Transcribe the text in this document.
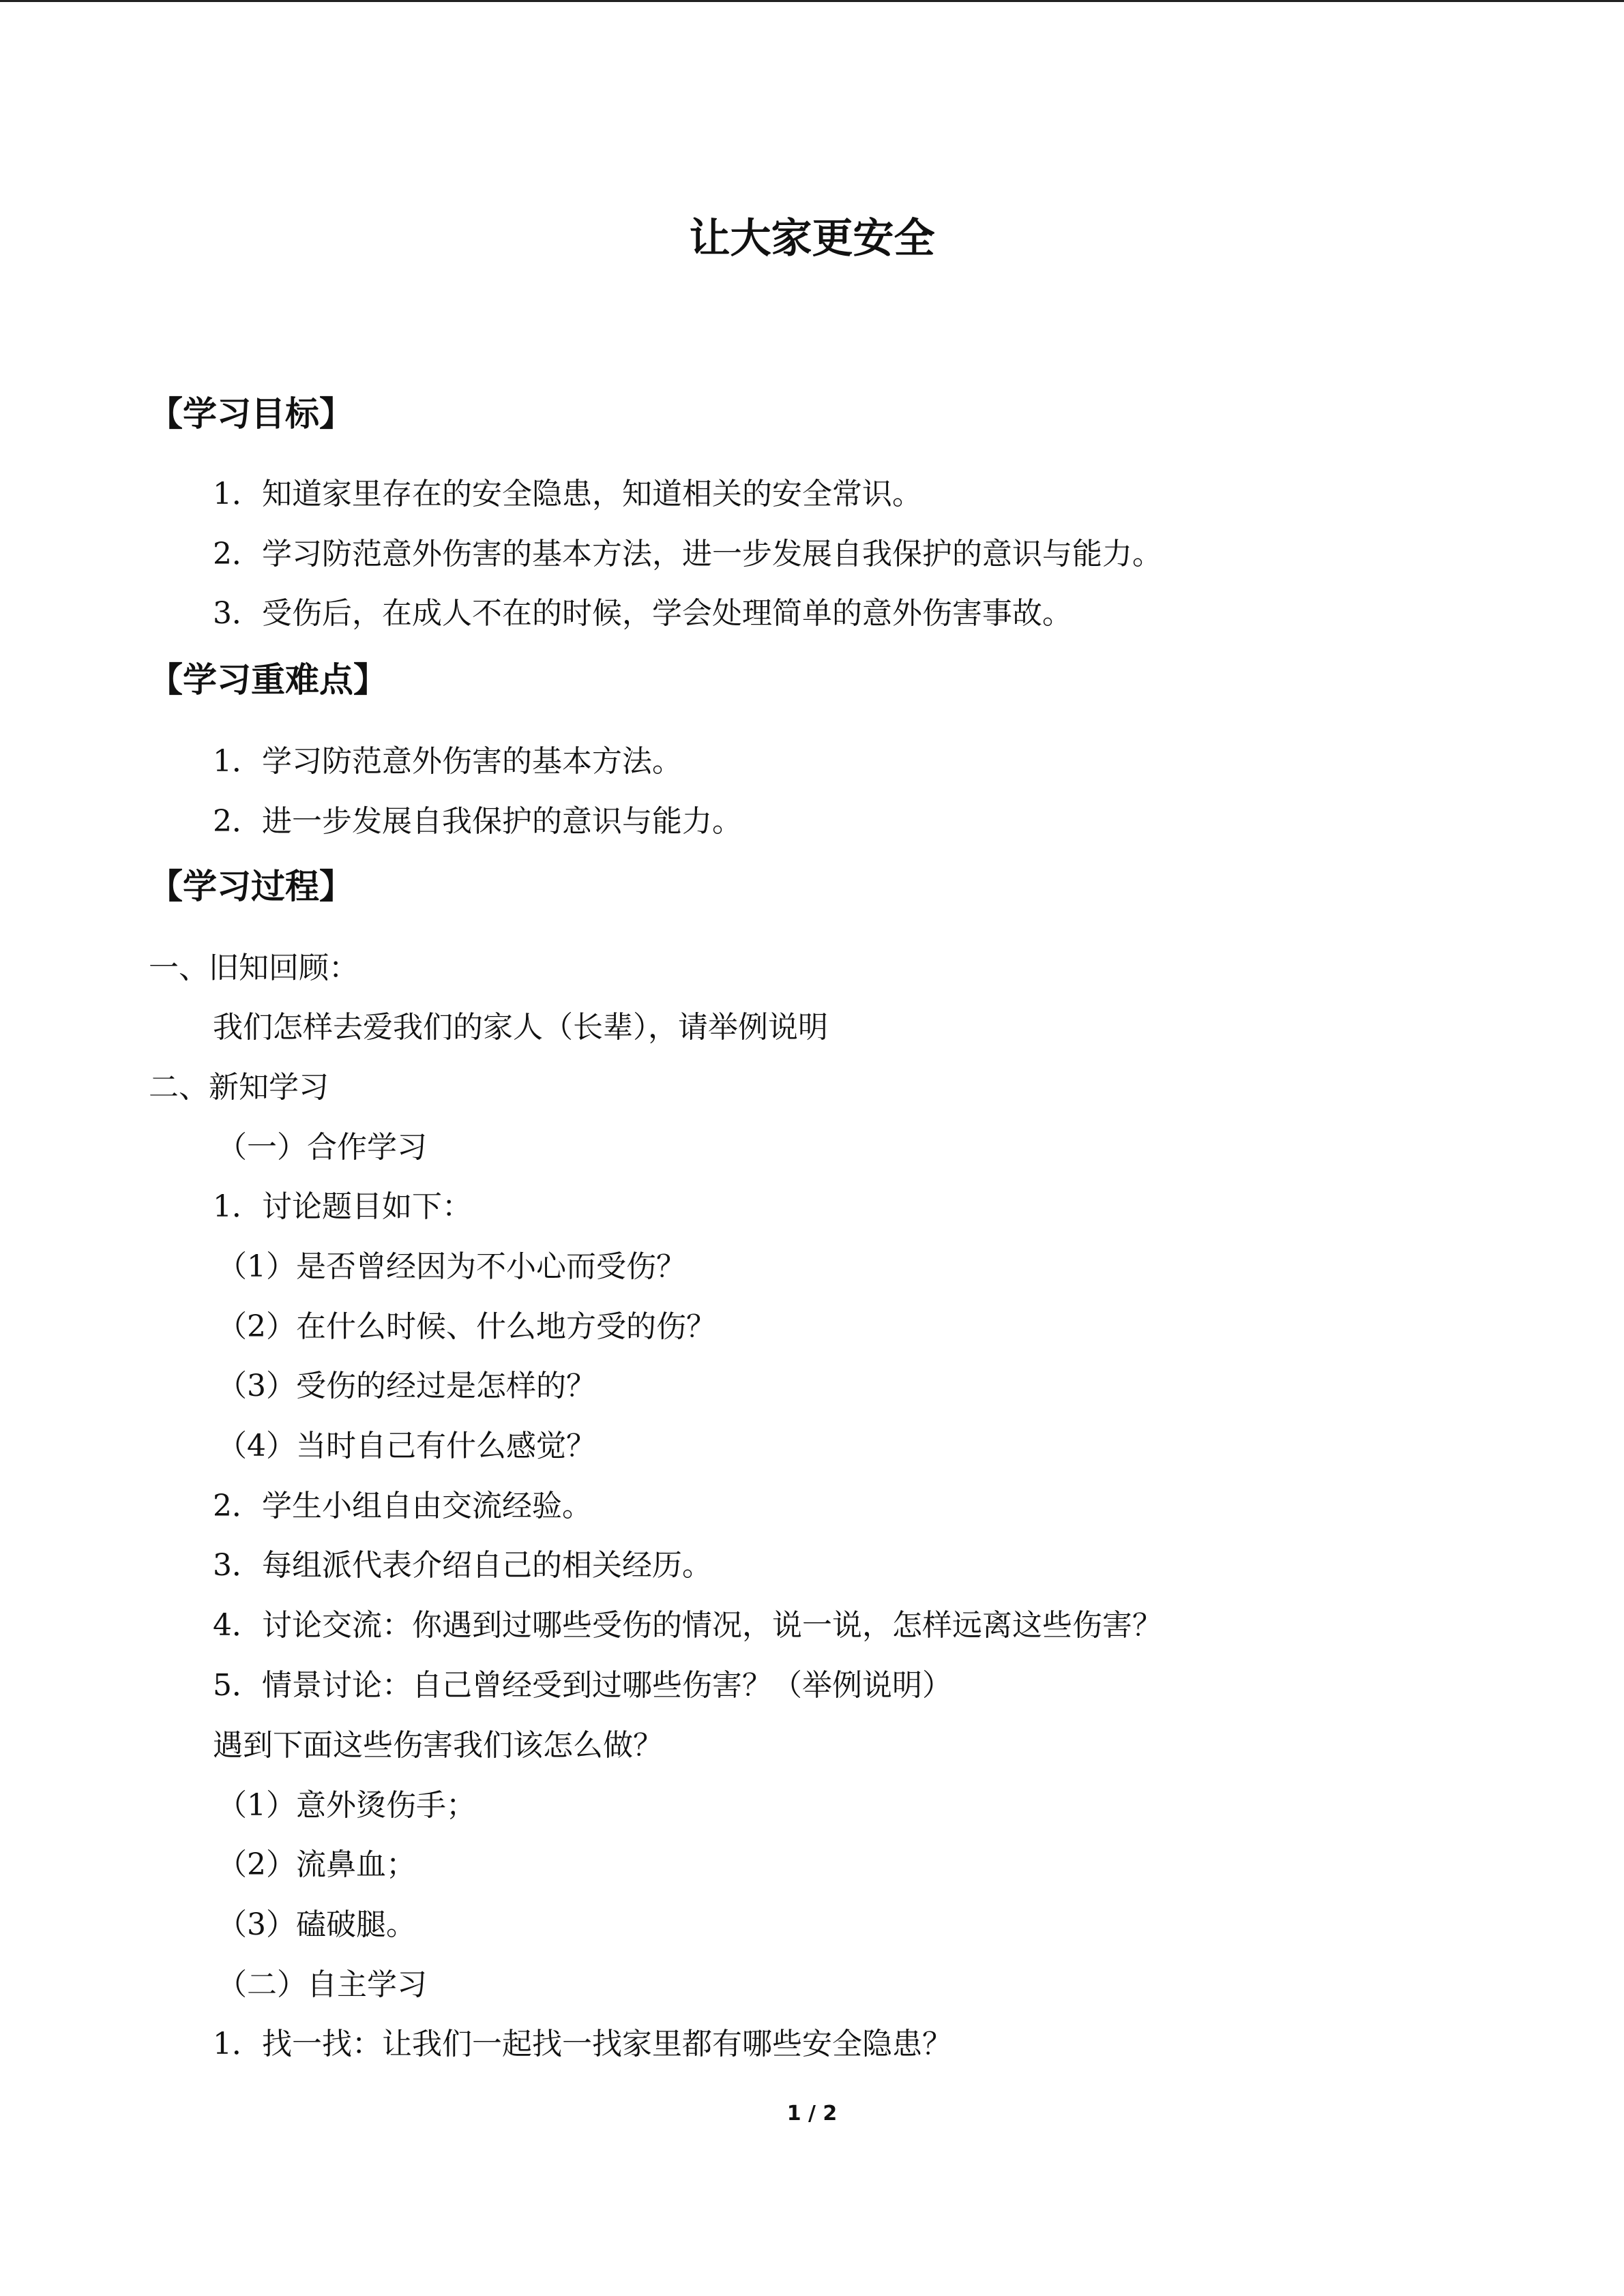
让大家更安全
【学习目标】
1．知道家里存在的安全隐患，知道相关的安全常识。
2．学习防范意外伤害的基本方法，进一步发展自我保护的意识与能力。
3．受伤后，在成人不在的时候，学会处理简单的意外伤害事故。
【学习重难点】
1．学习防范意外伤害的基本方法。
2．进一步发展自我保护的意识与能力。
【学习过程】
一、旧知回顾：
我们怎样去爱我们的家人（长辈），请举例说明
二、新知学习
（一）合作学习
1．讨论题目如下：
（1）是否曾经因为不小心而受伤？
（2）在什么时候、什么地方受的伤？
（3）受伤的经过是怎样的？
（4）当时自己有什么感觉？
2．学生小组自由交流经验。
3．每组派代表介绍自己的相关经历。
4．讨论交流：你遇到过哪些受伤的情况，说一说，怎样远离这些伤害？
5．情景讨论：自己曾经受到过哪些伤害？（举例说明）
遇到下面这些伤害我们该怎么做？
（1）意外烫伤手；
（2）流鼻血；
（3）磕破腿。
（二）自主学习
1．找一找：让我们一起找一找家里都有哪些安全隐患？
1 / 2
